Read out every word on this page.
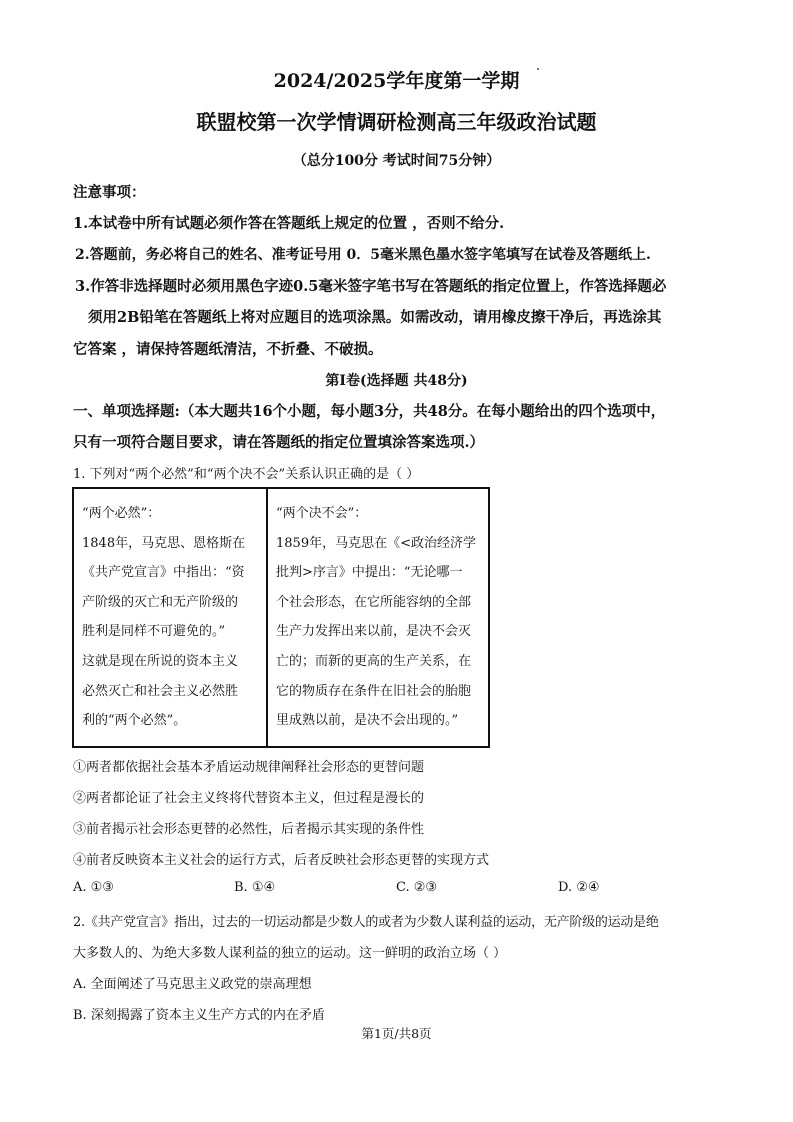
2024/2025学年度第一学期
联盟校第一次学情调研检测高三年级政治试题
（总分100分 考试时间75分钟）
注意事项：
1.本试卷中所有试题必须作答在答题纸上规定的位置 ，否则不给分.
2.答题前，务必将自己的姓名、准考证号用 0．5毫米黑色墨水签字笔填写在试卷及答题纸上.
3.作答非选择题时必须用黑色字迹0.5毫米签字笔书写在答题纸的指定位置上，作答选择题必
须用2B铅笔在答题纸上将对应题目的选项涂黑。如需改动，请用橡皮擦干净后，再选涂其
它答案 ，请保持答题纸清洁，不折叠、不破损。
第Ⅰ卷(选择题 共48分)
一、单项选择题:（本大题共16个小题，每小题3分，共48分。在每小题给出的四个选项中，
只有一项符合题目要求，请在答题纸的指定位置填涂答案选项.）
1. 下列对“两个必然”和“两个决不会”关系认识正确的是（ ）
“两个必然”：
1848年，马克思、恩格斯在
《共产党宣言》中指出：“资
产阶级的灭亡和无产阶级的
胜利是同样不可避免的。”
这就是现在所说的资本主义
必然灭亡和社会主义必然胜
利的“两个必然”。

“两个决不会”：
1859年，马克思在《<政治经济学
批判>序言》中提出：“无论哪一
个社会形态，在它所能容纳的全部
生产力发挥出来以前，是决不会灭
亡的；而新的更高的生产关系，在
它的物质存在条件在旧社会的胎胞
里成熟以前，是决不会出现的。”
①两者都依据社会基本矛盾运动规律阐释社会形态的更替问题
②两者都论证了社会主义终将代替资本主义，但过程是漫长的
③前者揭示社会形态更替的必然性，后者揭示其实现的条件性
④前者反映资本主义社会的运行方式，后者反映社会形态更替的实现方式
A. ①③	B. ①④	C. ②③	D. ②④
2.《共产党宣言》指出，过去的一切运动都是少数人的或者为少数人谋利益的运动，无产阶级的运动是绝
大多数人的、为绝大多数人谋利益的独立的运动。这一鲜明的政治立场（ ）
A. 全面阐述了马克思主义政党的崇高理想
B. 深刻揭露了资本主义生产方式的内在矛盾
第1页/共8页
